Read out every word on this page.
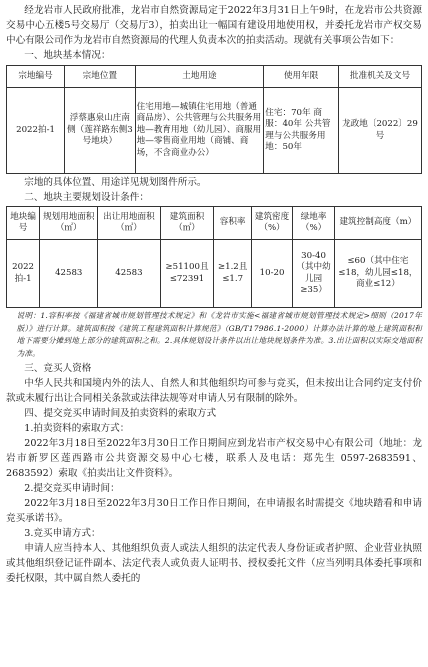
经龙岩市人民政府批准，龙岩市自然资源局定于2022年3月31日上午9时，在龙岩市公共资源交易中心五楼5号交易厅（交易厅3），拍卖出让一幅国有建设用地使用权，并委托龙岩市产权交易中心有限公司作为龙岩市自然资源局的代理人负责本次的拍卖活动。现就有关事项公告如下：

一、地块基本情况：

宗地编号	宗地位置	土地用途	使用年限	批准机关及文号
2022拍-1	浮蔡惠泉山庄南侧（莲祥路东侧3号地块）	住宅用地—城镇住宅用地（普通商品房）、公共管理与公共服务用地—教育用地（幼儿园）、商服用地—零售商业用地（商铺、商场，不含商业办公）	住宅：70年 商服：40年 公共管理与公共服务用地：50年	龙政地〔2022〕29号

宗地的具体位置、用途详见规划图件所示。

二、地块主要规划设计条件：

地块编号	规划用地面积（㎡）	出让用地面积（㎡）	建筑面积（㎡）	容积率	建筑密度（%）	绿地率（%）	建筑控制高度（m）
2022拍-1	42583	42583	≥51100且≤72391	≥1.2且≤1.7	10-20	30-40（其中幼儿园≥35）	≤60（其中住宅≤18，幼儿园≤18，商业≤12）

说明：1.容积率按《福建省城市规划管理技术规定》和《龙岩市实施<福建省城市规划管理技术规定>细则（2017年版）》进行计算。建筑面积按《建筑工程建筑面积计算规范》（GB/T17986.1-2000）计算办法计算的地上建筑面积和地下需要分摊到地上部分的建筑面积之和。2.具体规划设计条件以出让地块规划条件为准。3.出让面积以实际交地面积为准。

三、竞买人资格

中华人民共和国境内外的法人、自然人和其他组织均可参与竞买，但未按出让合同约定支付价款或未履行出让合同相关条款或法律法规等对申请人另有限制的除外。

四、提交竞买申请时间及拍卖资料的索取方式

1.拍卖资料的索取方式：

2022年3月18日至2022年3月30日工作日期间应到龙岩市产权交易中心有限公司（地址：龙岩市新罗区莲西路市公共资源交易中心七楼，联系人及电话：郑先生 0597-2683591、2683592）索取《拍卖出让文件资料》。

2.提交竞买申请时间：

2022年3月18日至2022年3月30日工作日作日期间，在申请报名时需提交《地块踏看和申请竞买承诺书》。

3.竞买申请方式：

申请人应当持本人、其他组织负责人或法人组织的法定代表人身份证或者护照、企业营业执照或其他组织登记证件副本、法定代表人或负责人证明书、授权委托文件（应当列明具体委托事项和委托权限，其中属自然人委托的
